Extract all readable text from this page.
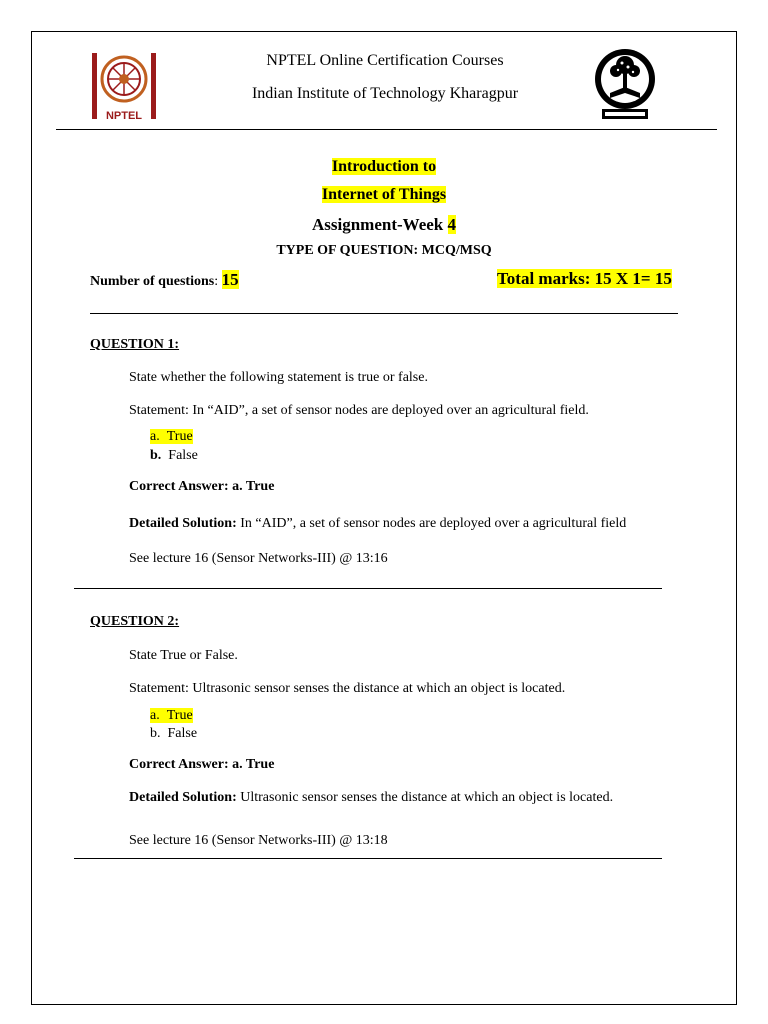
NPTEL
NPTEL Online Certification Courses
Indian Institute of Technology Kharagpur
Introduction to
Internet of Things
Assignment-Week 4
TYPE OF QUESTION: MCQ/MSQ
Number of questions: 15	Total marks: 15 X 1= 15
QUESTION 1:
State whether the following statement is true or false.
Statement: In “AID”, a set of sensor nodes are deployed over an agricultural field.
a. True
b. False
Correct Answer: a. True
Detailed Solution: In “AID”, a set of sensor nodes are deployed over a agricultural field
See lecture 16 (Sensor Networks-III) @ 13:16
QUESTION 2:
State True or False.
Statement: Ultrasonic sensor senses the distance at which an object is located.
a. True
b. False
Correct Answer: a. True
Detailed Solution: Ultrasonic sensor senses the distance at which an object is located.
See lecture 16 (Sensor Networks-III) @ 13:18
